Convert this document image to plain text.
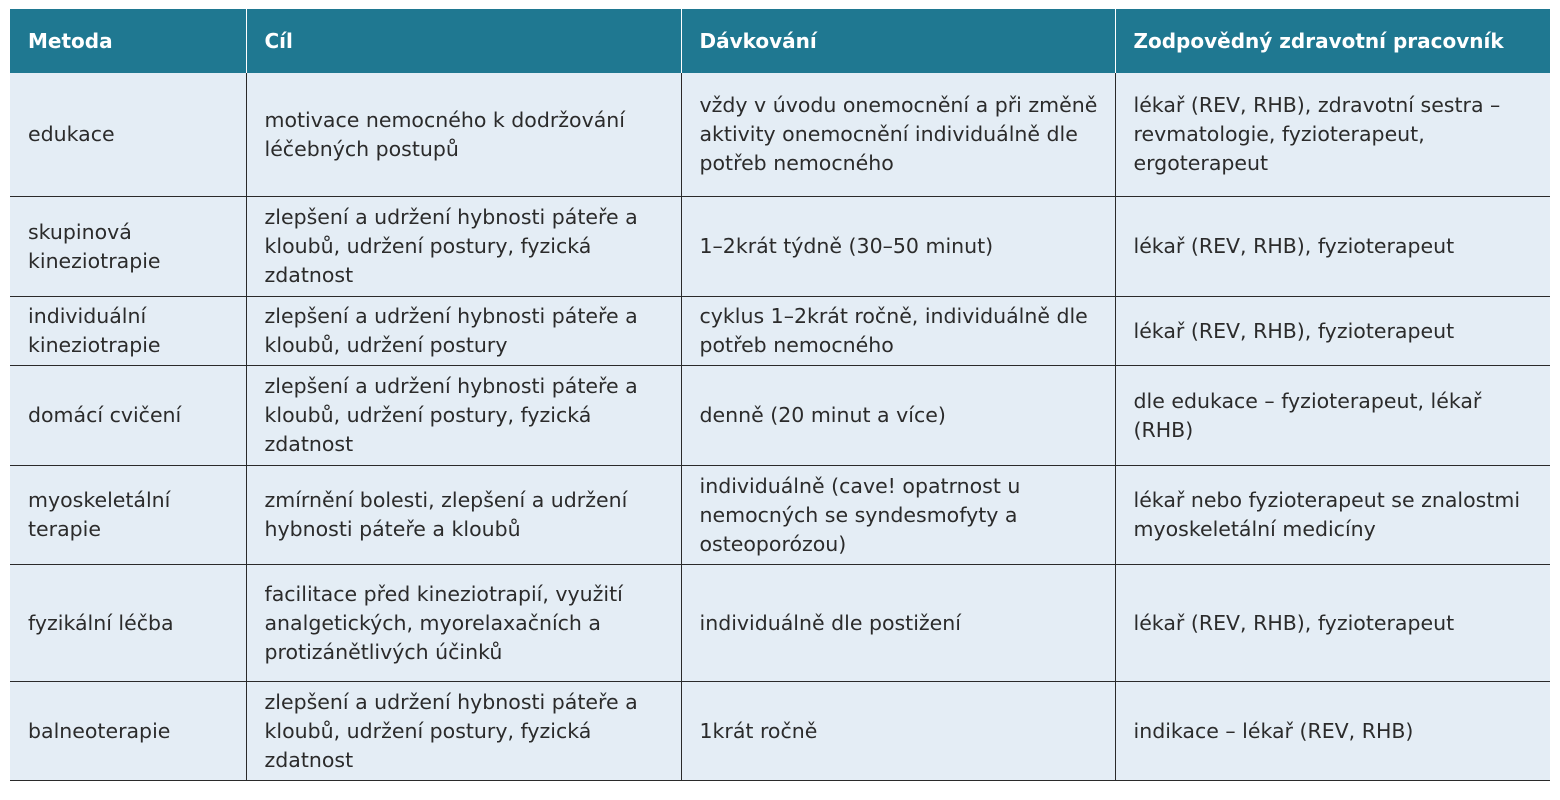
Metoda	Cíl	Dávkování	Zodpovědný zdravotní pracovník
edukace	motivace nemocného k dodržování léčebných postupů	vždy v úvodu onemocnění a při změně aktivity onemocnění individuálně dle potřeb nemocného	lékař (REV, RHB), zdravotní sestra – revmatologie, fyzioterapeut, ergoterapeut
skupinová kineziotrapie	zlepšení a udržení hybnosti páteře a kloubů, udržení postury, fyzická zdatnost	1–2krát týdně (30–50 minut)	lékař (REV, RHB), fyzioterapeut
individuální kineziotrapie	zlepšení a udržení hybnosti páteře a kloubů, udržení postury	cyklus 1–2krát ročně, individuálně dle potřeb nemocného	lékař (REV, RHB), fyzioterapeut
domácí cvičení	zlepšení a udržení hybnosti páteře a kloubů, udržení postury, fyzická zdatnost	denně (20 minut a více)	dle edukace – fyzioterapeut, lékař (RHB)
myoskeletální terapie	zmírnění bolesti, zlepšení a udržení hybnosti páteře a kloubů	individuálně (cave! opatrnost u nemocných se syndesmofyty a osteoporózou)	lékař nebo fyzioterapeut se znalostmi myoskeletální medicíny
fyzikální léčba	facilitace před kineziotrapií, využití analgetických, myorelaxačních a protizánětlivých účinků	individuálně dle postižení	lékař (REV, RHB), fyzioterapeut
balneoterapie	zlepšení a udržení hybnosti páteře a kloubů, udržení postury, fyzická zdatnost	1krát ročně	indikace – lékař (REV, RHB)
